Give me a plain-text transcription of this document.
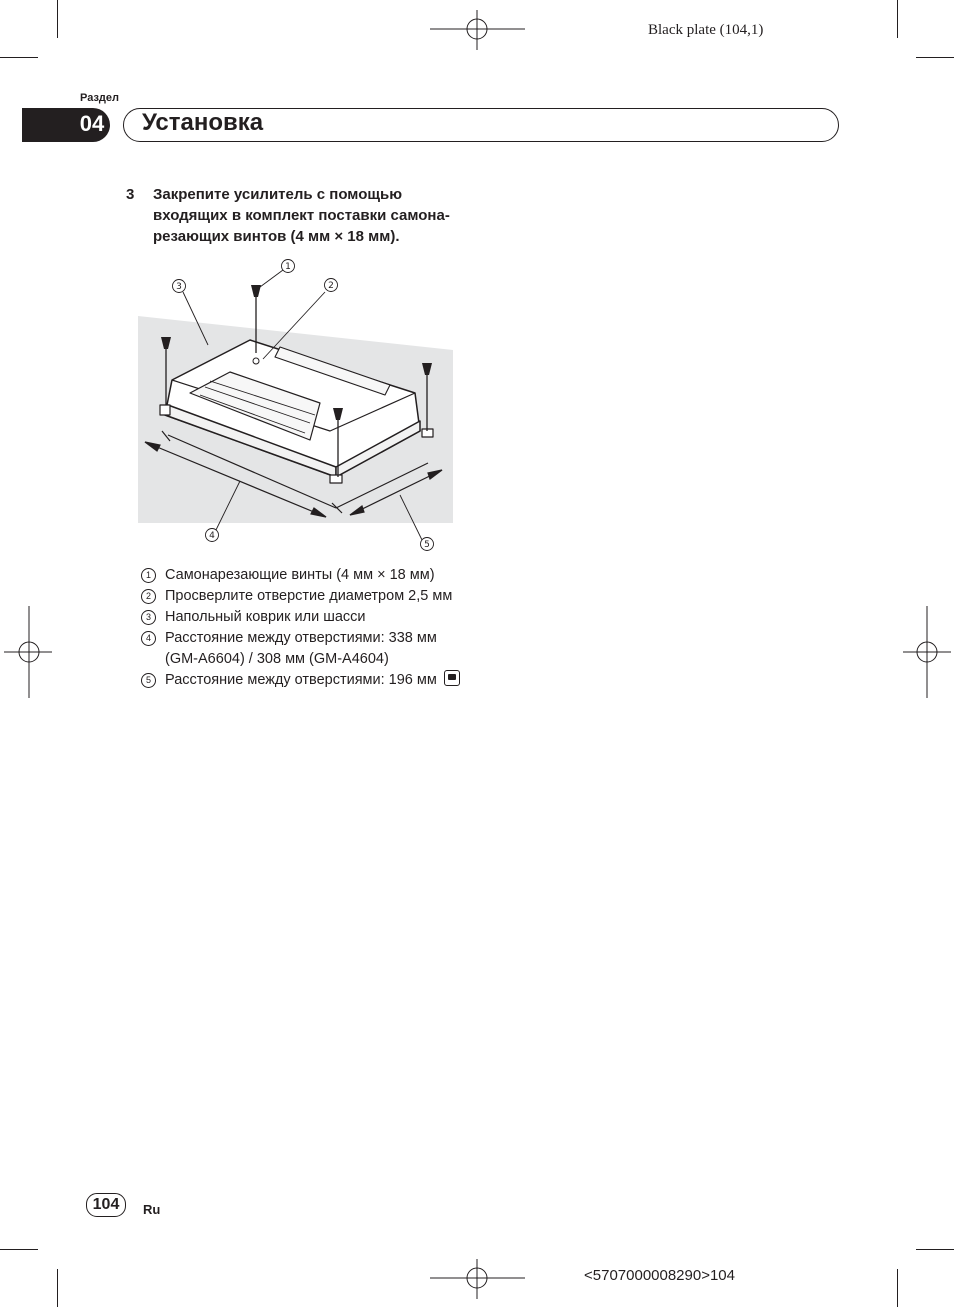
Black plate (104,1)
Раздел
04 Установка
3 Закрепите усилитель с помощью входящих в комплект поставки самона-резающих винтов (4 мм × 18 мм).
1
2
3
4
5
1 Самонарезающие винты (4 мм × 18 мм)
2 Просверлите отверстие диаметром 2,5 мм
3 Напольный коврик или шасси
4 Расстояние между отверстиями: 338 мм (GM-A6604) / 308 мм (GM-A4604)
5 Расстояние между отверстиями: 196 мм
104	Ru
<5707000008290>104
